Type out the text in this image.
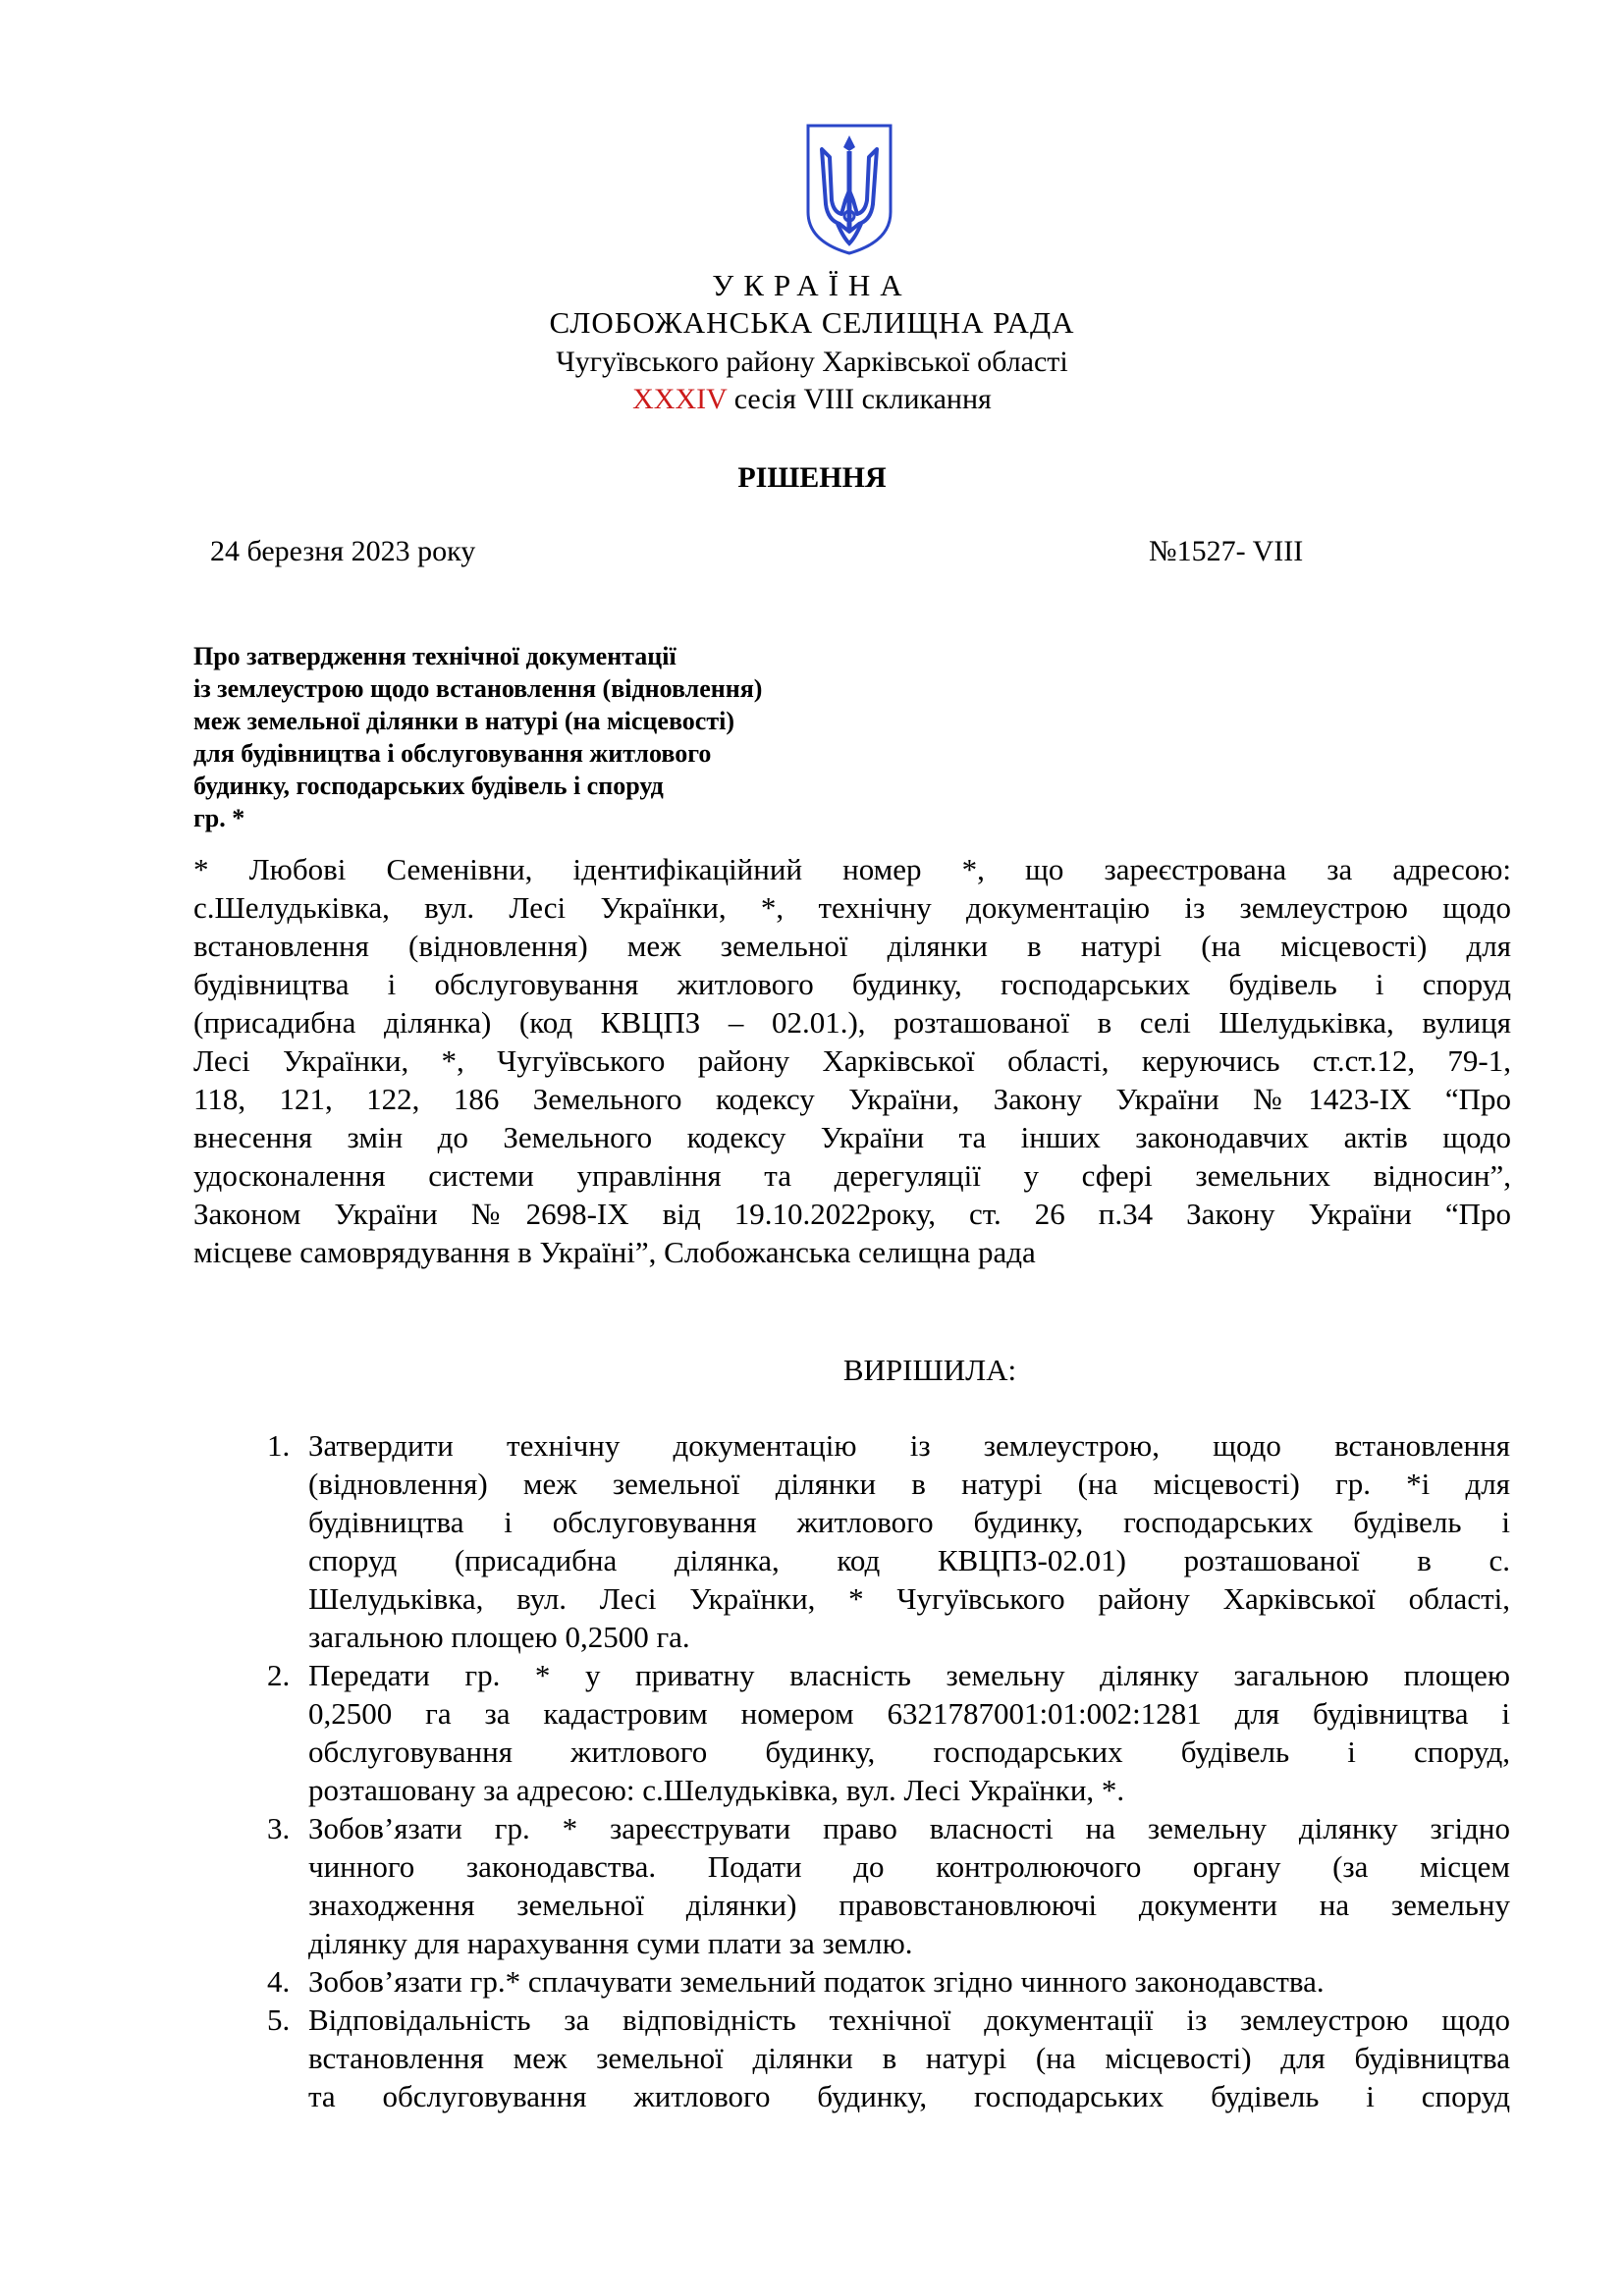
УКРАЇНА
СЛОБОЖАНСЬКА СЕЛИЩНА РАДА
Чугуївського району Харківської області
XXXIV сесія VIII скликання
РІШЕННЯ
24 березня 2023 року	№1527- VIII
Про затвердження технічної документації
із землеустрою щодо встановлення (відновлення)
меж земельної ділянки в натурі (на місцевості)
для будівництва і обслуговування житлового
будинку, господарських будівель і споруд
гр. *
* Любові Семенівни, ідентифікаційний номер *, що зареєстрована за адресою:
с.Шелудьківка, вул. Лесі Українки, *, технічну документацію із землеустрою щодо
встановлення (відновлення) меж земельної ділянки в натурі (на місцевості) для
будівництва і обслуговування житлового будинку, господарських будівель і споруд
(присадибна ділянка) (код КВЦПЗ – 02.01.), розташованої в селі Шелудьківка, вулиця
Лесі Українки, *, Чугуївського району Харківської області, керуючись ст.ст.12, 79-1,
118, 121, 122, 186 Земельного кодексу України, Закону України №1423-IX “Про
внесення змін до Земельного кодексу України та інших законодавчих актів щодо
удосконалення системи управління та дерегуляції у сфері земельних відносин”,
Законом України №2698-IX від 19.10.2022року, ст. 26 п.34 Закону України “Про
місцеве самоврядування в Україні”, Слобожанська селищна рада
ВИРІШИЛА:
1. Затвердити технічну документацію із землеустрою, щодо встановлення
(відновлення) меж земельної ділянки в натурі (на місцевості) гр. *і для
будівництва і обслуговування житлового будинку, господарських будівель і
споруд (присадибна ділянка, код КВЦПЗ-02.01) розташованої в с.
Шелудьківка, вул. Лесі Українки, * Чугуївського району Харківської області,
загальною площею 0,2500 га.
2. Передати гр. * у приватну власність земельну ділянку загальною площею
0,2500 га за кадастровим номером 6321787001:01:002:1281 для будівництва і
обслуговування житлового будинку, господарських будівель і споруд,
розташовану за адресою: с.Шелудьківка, вул. Лесі Українки, *.
3. Зобов’язати гр. * зареєструвати право власності на земельну ділянку згідно
чинного законодавства. Подати до контролюючого органу (за місцем
знаходження земельної ділянки) правовстановлюючі документи на земельну
ділянку для нарахування суми плати за землю.
4. Зобов’язати гр.* сплачувати земельний податок згідно чинного законодавства.
5. Відповідальність за відповідність технічної документації із землеустрою щодо
встановлення меж земельної ділянки в натурі (на місцевості) для будівництва
та обслуговування житлового будинку, господарських будівель і споруд
